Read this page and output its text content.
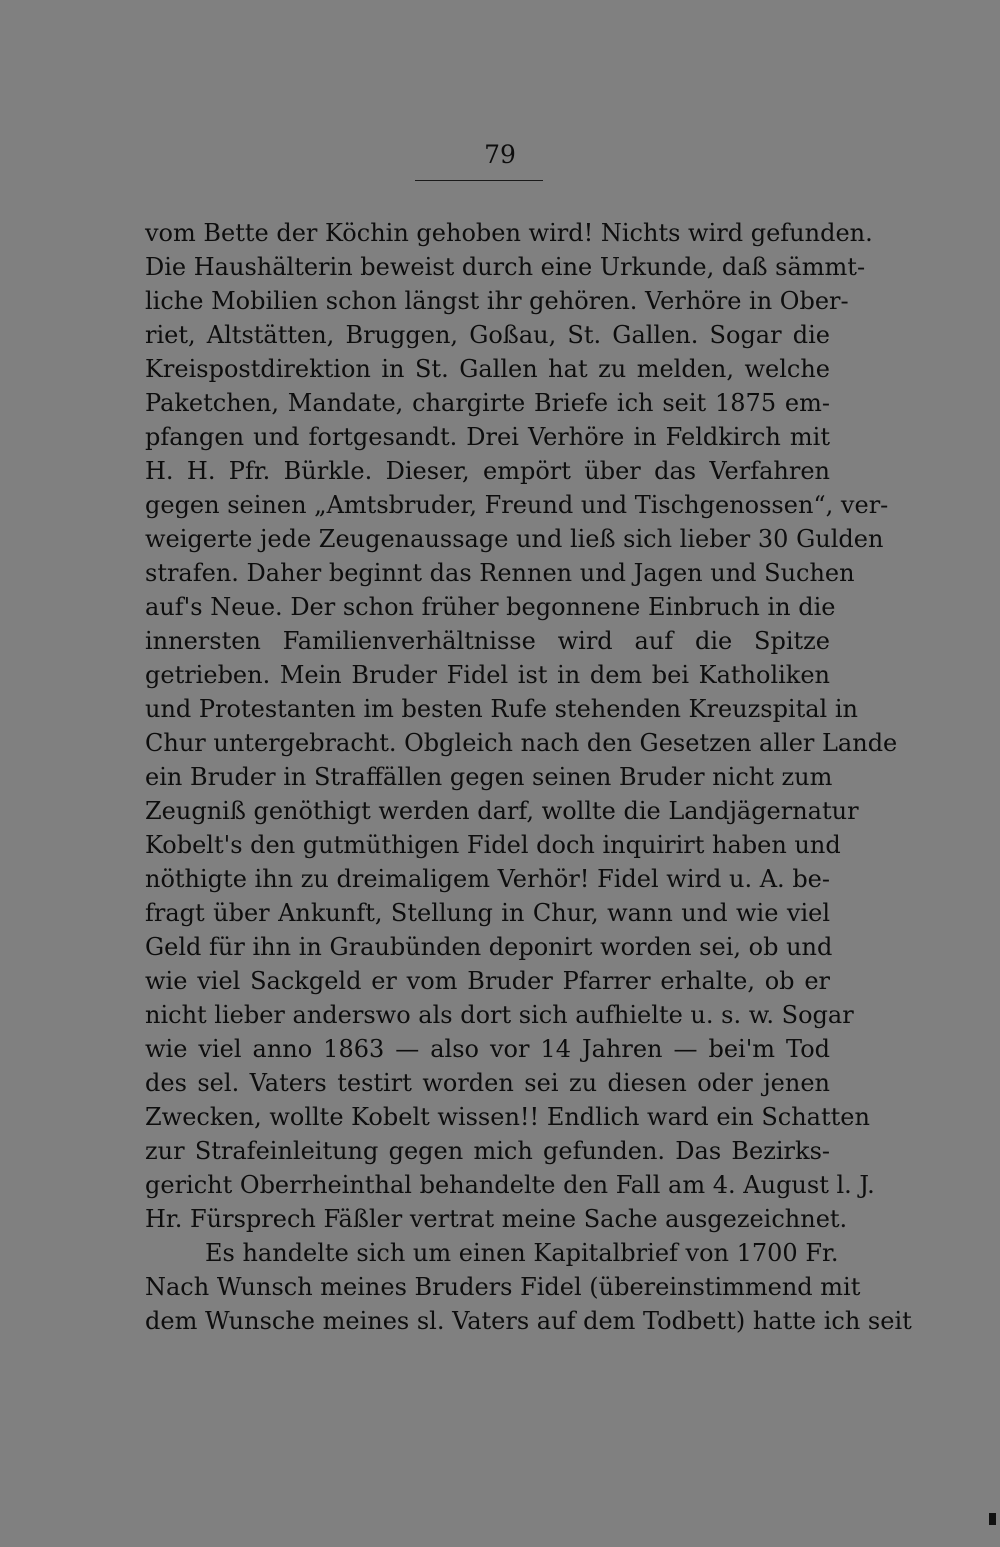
79
vom Bette der Köchin gehoben wird! Nichts wird gefunden.
Die Haushälterin beweist durch eine Urkunde, daß sämmt-
liche Mobilien schon längst ihr gehören. Verhöre in Ober-
riet, Altstätten, Bruggen, Goßau, St. Gallen. Sogar die
Kreispostdirektion in St. Gallen hat zu melden, welche
Paketchen, Mandate, chargirte Briefe ich seit 1875 em-
pfangen und fortgesandt. Drei Verhöre in Feldkirch mit
H. H. Pfr. Bürkle. Dieser, empört über das Verfahren
gegen seinen „Amtsbruder, Freund und Tischgenossen“, ver-
weigerte jede Zeugenaussage und ließ sich lieber 30 Gulden
strafen. Daher beginnt das Rennen und Jagen und Suchen
auf's Neue. Der schon früher begonnene Einbruch in die
innersten Familienverhältnisse wird auf die Spitze
getrieben. Mein Bruder Fidel ist in dem bei Katholiken
und Protestanten im besten Rufe stehenden Kreuzspital in
Chur untergebracht. Obgleich nach den Gesetzen aller Lande
ein Bruder in Straffällen gegen seinen Bruder nicht zum
Zeugniß genöthigt werden darf, wollte die Landjägernatur
Kobelt's den gutmüthigen Fidel doch inquirirt haben und
nöthigte ihn zu dreimaligem Verhör! Fidel wird u. A. be-
fragt über Ankunft, Stellung in Chur, wann und wie viel
Geld für ihn in Graubünden deponirt worden sei, ob und
wie viel Sackgeld er vom Bruder Pfarrer erhalte, ob er
nicht lieber anderswo als dort sich aufhielte u. s. w. Sogar
wie viel anno 1863 — also vor 14 Jahren — bei'm Tod
des sel. Vaters testirt worden sei zu diesen oder jenen
Zwecken, wollte Kobelt wissen!! Endlich ward ein Schatten
zur Strafeinleitung gegen mich gefunden. Das Bezirks-
gericht Oberrheinthal behandelte den Fall am 4. August l. J.
Hr. Fürsprech Fäßler vertrat meine Sache ausgezeichnet.
Es handelte sich um einen Kapitalbrief von 1700 Fr.
Nach Wunsch meines Bruders Fidel (übereinstimmend mit
dem Wunsche meines sl. Vaters auf dem Todbett) hatte ich seit
